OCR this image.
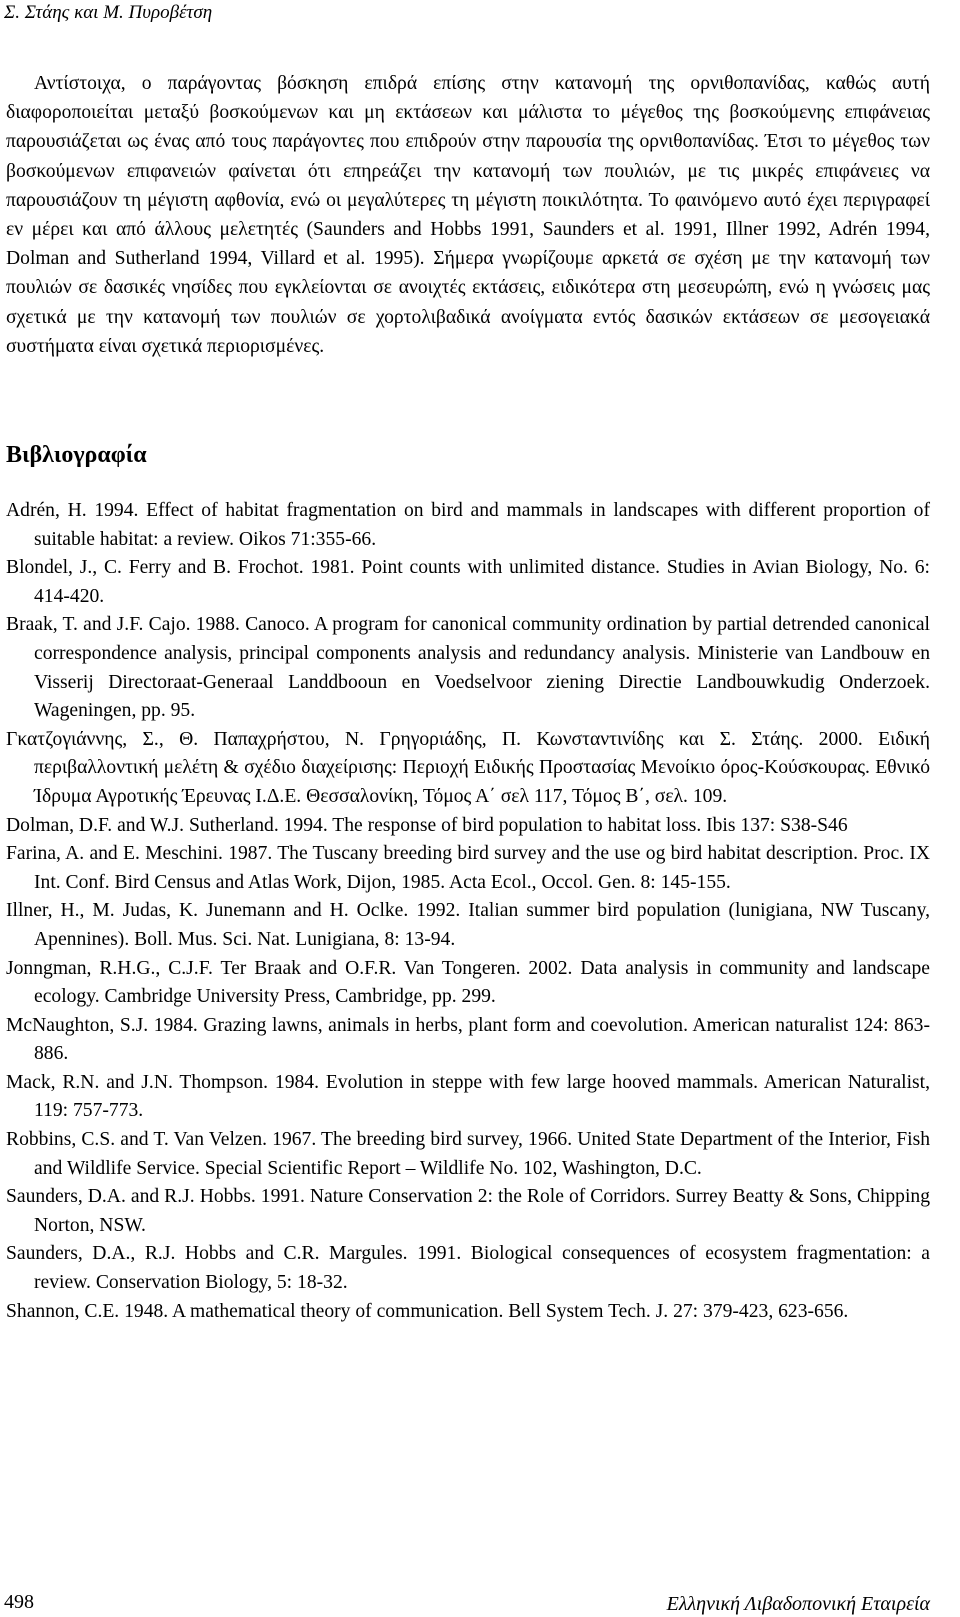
Σ. Στάης και Μ. Πυροβέτση

Αντίστοιχα, ο παράγοντας βόσκηση επιδρά επίσης στην κατανομή της ορνιθοπανίδας, καθώς αυτή διαφοροποιείται μεταξύ βοσκούμενων και μη εκτάσεων και μάλιστα το μέγεθος της βοσκούμενης επιφάνειας παρουσιάζεται ως ένας από τους παράγοντες που επιδρούν στην παρουσία της ορνιθοπανίδας. Έτσι το μέγεθος των βοσκούμενων επιφανειών φαίνεται ότι επηρεάζει την κατανομή των πουλιών, με τις μικρές επιφάνειες να παρουσιάζουν τη μέγιστη αφθονία, ενώ οι μεγαλύτερες τη μέγιστη ποικιλότητα. Το φαινόμενο αυτό έχει περιγραφεί εν μέρει και από άλλους μελετητές (Saunders and Hobbs 1991, Saunders et al. 1991, Illner 1992, Adrén 1994, Dolman and Sutherland 1994, Villard et al. 1995). Σήμερα γνωρίζουμε αρκετά σε σχέση με την κατανομή των πουλιών σε δασικές νησίδες που εγκλείονται σε ανοιχτές εκτάσεις, ειδικότερα στη μεσευρώπη, ενώ η γνώσεις μας σχετικά με την κατανομή των πουλιών σε χορτολιβαδικά ανοίγματα εντός δασικών εκτάσεων σε μεσογειακά συστήματα είναι σχετικά περιορισμένες.

Βιβλιογραφία
Adrén, H. 1994. Effect of habitat fragmentation on bird and mammals in landscapes with different proportion of suitable habitat: a review. Oikos 71:355-66.
Blondel, J., C. Ferry and B. Frochot. 1981. Point counts with unlimited distance. Studies in Avian Biology, No. 6: 414-420.
Braak, T. and J.F. Cajo. 1988. Canoco. A program for canonical community ordination by partial detrended canonical correspondence analysis, principal components analysis and redundancy analysis. Ministerie van Landbouw en Visserij Directoraat-Generaal Landdbooun en Voedselvoor ziening Directie Landbouwkudig Onderzoek. Wageningen, pp. 95.
Γκατζογιάννης, Σ., Θ. Παπαχρήστου, Ν. Γρηγοριάδης, Π. Κωνσταντινίδης και Σ. Στάης. 2000. Ειδική περιβαλλοντική μελέτη & σχέδιο διαχείρισης: Περιοχή Ειδικής Προστασίας Μενοίκιο όρος-Κούσκουρας. Εθνικό Ίδρυμα Αγροτικής Έρευνας Ι.Δ.Ε. Θεσσαλονίκη, Τόμος Α΄ σελ 117, Τόμος Β΄, σελ. 109.
Dolman, D.F. and W.J. Sutherland. 1994. The response of bird population to habitat loss. Ibis 137: S38-S46
Farina, A. and E. Meschini. 1987. The Tuscany breeding bird survey and the use og bird habitat description. Proc. IX Int. Conf. Bird Census and Atlas Work, Dijon, 1985. Acta Ecol., Occol. Gen. 8: 145-155.
Illner, H., M. Judas, K. Junemann and H. Oclke. 1992. Italian summer bird population (lunigiana, NW Tuscany, Apennines). Boll. Mus. Sci. Nat. Lunigiana, 8: 13-94.
Jonngman, R.H.G., C.J.F. Ter Braak and O.F.R. Van Tongeren. 2002. Data analysis in community and landscape ecology. Cambridge University Press, Cambridge, pp. 299.
McNaughton, S.J. 1984. Grazing lawns, animals in herbs, plant form and coevolution. American naturalist 124: 863-886.
Mack, R.N. and J.N. Thompson. 1984. Evolution in steppe with few large hooved mammals. American Naturalist, 119: 757-773.
Robbins, C.S. and T. Van Velzen. 1967. The breeding bird survey, 1966. United State Department of the Interior, Fish and Wildlife Service. Special Scientific Report – Wildlife No. 102, Washington, D.C.
Saunders, D.A. and R.J. Hobbs. 1991. Nature Conservation 2: the Role of Corridors. Surrey Beatty & Sons, Chipping Norton, NSW.
Saunders, D.A., R.J. Hobbs and C.R. Margules. 1991. Biological consequences of ecosystem fragmentation: a review. Conservation Biology, 5: 18-32.
Shannon, C.E. 1948. A mathematical theory of communication. Bell System Tech. J. 27: 379-423, 623-656.
498	Ελληνική Λιβαδοπονική Εταιρεία
